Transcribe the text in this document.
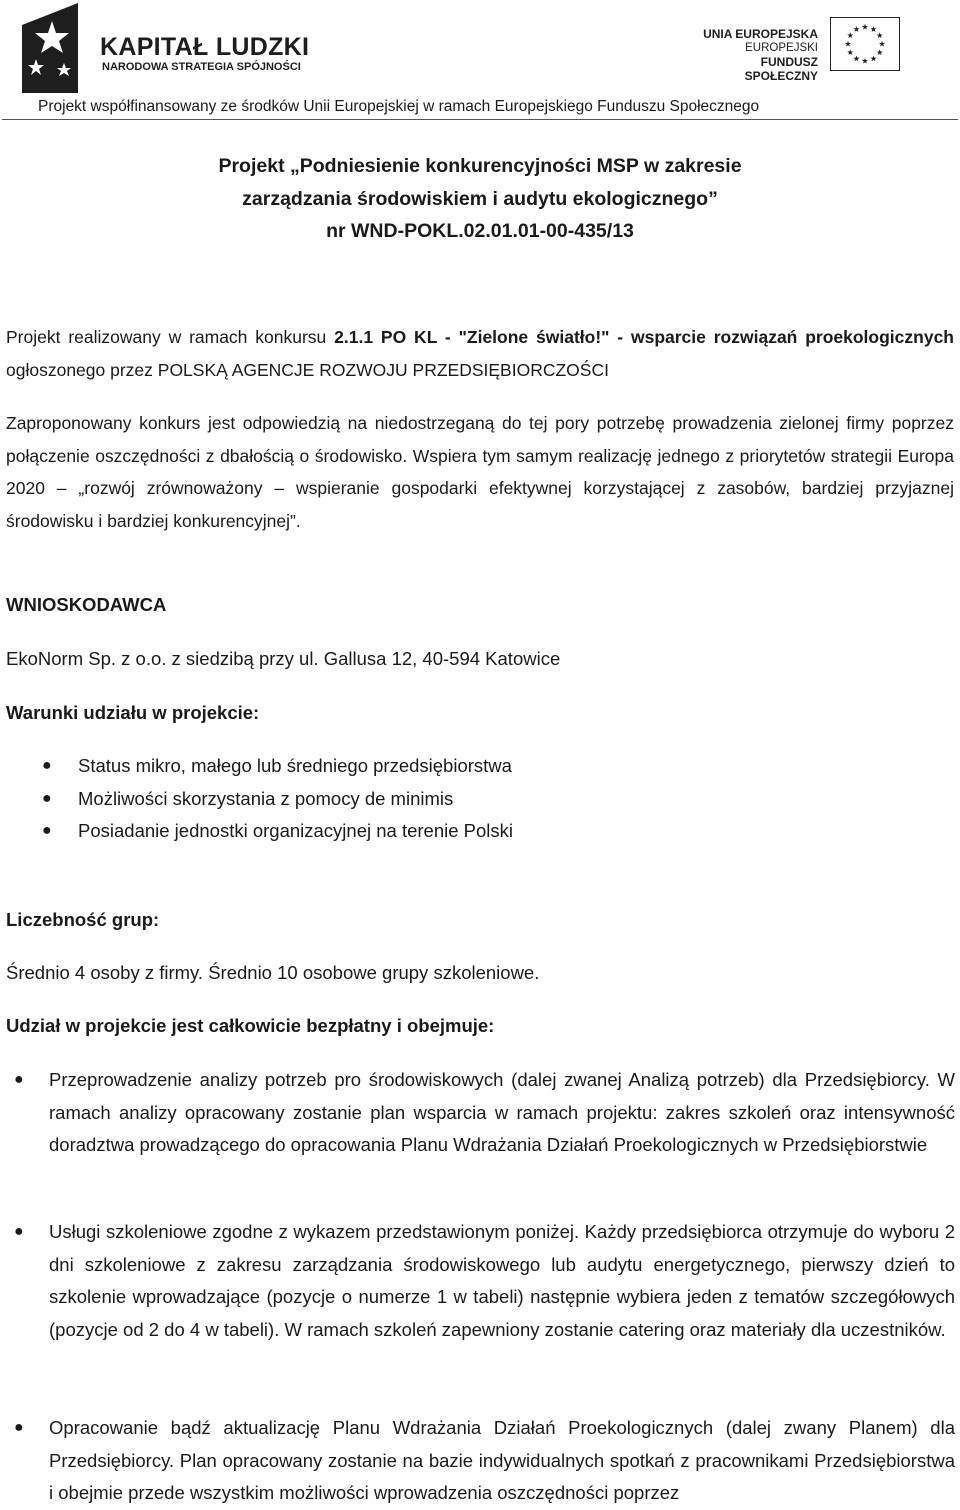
KAPITAŁ LUDZKI
NARODOWA STRATEGIA SPÓJNOŚCI
UNIA EUROPEJSKA
EUROPEJSKI
FUNDUSZ SPOŁECZNY
Projekt współfinansowany ze środków Unii Europejskiej w ramach Europejskiego Funduszu Społecznego
Projekt „Podniesienie konkurencyjności MSP w zakresie
zarządzania środowiskiem i audytu ekologicznego”
nr WND-POKL.02.01.01-00-435/13
Projekt realizowany w ramach konkursu 2.1.1 PO KL - "Zielone światło!" - wsparcie rozwiązań proekologicznych ogłoszonego przez POLSKĄ AGENCJE ROZWOJU PRZEDSIĘBIORCZOŚCI
Zaproponowany konkurs jest odpowiedzią na niedostrzeganą do tej pory potrzebę prowadzenia zielonej firmy poprzez połączenie oszczędności z dbałością o środowisko. Wspiera tym samym realizację jednego z priorytetów strategii Europa 2020 – „rozwój zrównoważony – wspieranie gospodarki efektywnej korzystającej z zasobów, bardziej przyjaznej środowisku i bardziej konkurencyjnej”.
WNIOSKODAWCA
EkoNorm Sp. z o.o. z siedzibą przy ul. Gallusa 12, 40-594 Katowice
Warunki udziału w projekcie:
● Status mikro, małego lub średniego przedsiębiorstwa
● Możliwości skorzystania z pomocy de minimis
● Posiadanie jednostki organizacyjnej na terenie Polski
Liczebność grup:
Średnio 4 osoby z firmy. Średnio 10 osobowe grupy szkoleniowe.
Udział w projekcie jest całkowicie bezpłatny i obejmuje:
● Przeprowadzenie analizy potrzeb pro środowiskowych (dalej zwanej Analizą potrzeb) dla Przedsiębiorcy. W ramach analizy opracowany zostanie plan wsparcia w ramach projektu: zakres szkoleń oraz intensywność doradztwa prowadzącego do opracowania Planu Wdrażania Działań Proekologicznych w Przedsiębiorstwie
● Usługi szkoleniowe zgodne z wykazem przedstawionym poniżej. Każdy przedsiębiorca otrzymuje do wyboru 2 dni szkoleniowe z zakresu zarządzania środowiskowego lub audytu energetycznego, pierwszy dzień to szkolenie wprowadzające (pozycje o numerze 1 w tabeli) następnie wybiera jeden z tematów szczegółowych (pozycje od 2 do 4 w tabeli). W ramach szkoleń zapewniony zostanie catering oraz materiały dla uczestników.
● Opracowanie bądź aktualizację Planu Wdrażania Działań Proekologicznych (dalej zwany Planem) dla Przedsiębiorcy. Plan opracowany zostanie na bazie indywidualnych spotkań z pracownikami Przedsiębiorstwa i obejmie przede wszystkim możliwości wprowadzenia oszczędności poprzez
